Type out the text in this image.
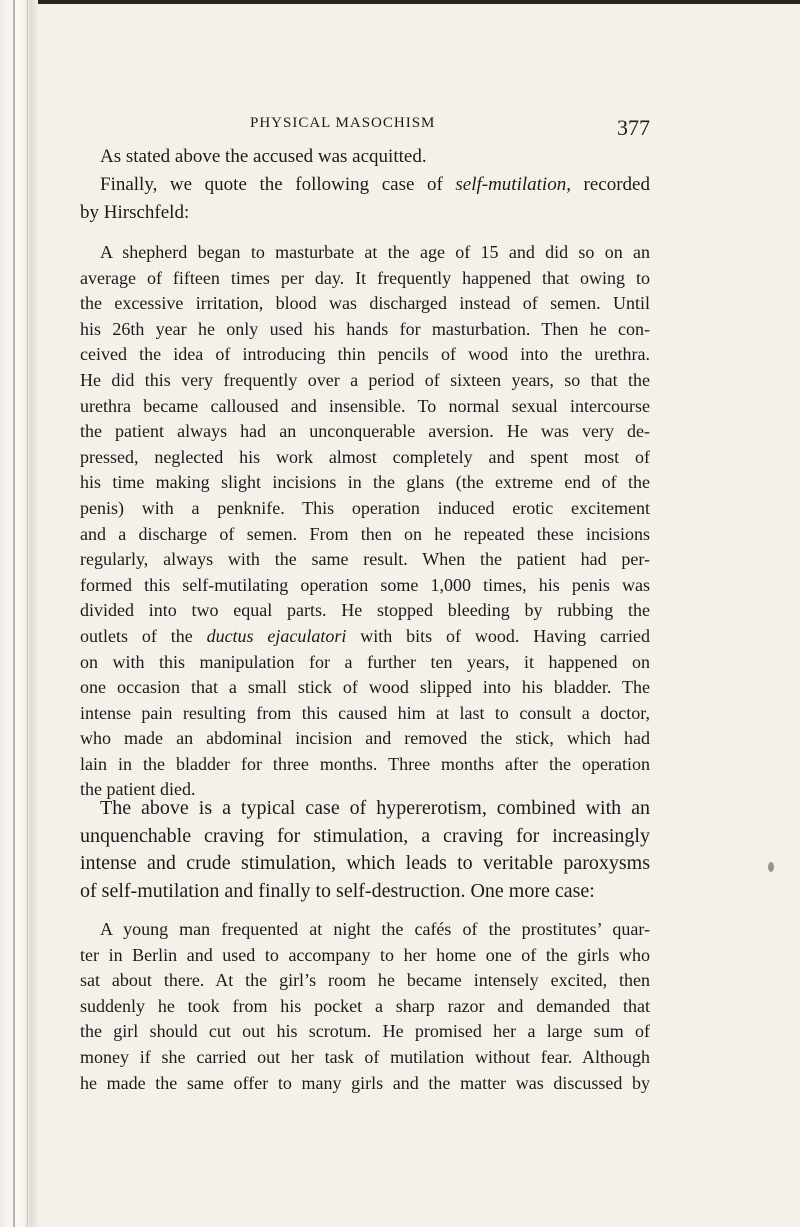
PHYSICAL MASOCHISM	377
As stated above the accused was acquitted.
Finally, we quote the following case of self-mutilation, recorded
by Hirschfeld:
A shepherd began to masturbate at the age of 15 and did so on an
average of fifteen times per day. It frequently happened that owing to
the excessive irritation, blood was discharged instead of semen. Until
his 26th year he only used his hands for masturbation. Then he con-
ceived the idea of introducing thin pencils of wood into the urethra.
He did this very frequently over a period of sixteen years, so that the
urethra became calloused and insensible. To normal sexual intercourse
the patient always had an unconquerable aversion. He was very de-
pressed, neglected his work almost completely and spent most of
his time making slight incisions in the glans (the extreme end of the
penis) with a penknife. This operation induced erotic excitement
and a discharge of semen. From then on he repeated these incisions
regularly, always with the same result. When the patient had per-
formed this self-mutilating operation some 1,000 times, his penis was
divided into two equal parts. He stopped bleeding by rubbing the
outlets of the ductus ejaculatori with bits of wood. Having carried
on with this manipulation for a further ten years, it happened on
one occasion that a small stick of wood slipped into his bladder. The
intense pain resulting from this caused him at last to consult a doctor,
who made an abdominal incision and removed the stick, which had
lain in the bladder for three months. Three months after the operation
the patient died.
The above is a typical case of hypererotism, combined with an
unquenchable craving for stimulation, a craving for increasingly
intense and crude stimulation, which leads to veritable paroxysms
of self-mutilation and finally to self-destruction. One more case:
A young man frequented at night the cafés of the prostitutes’ quar-
ter in Berlin and used to accompany to her home one of the girls who
sat about there. At the girl’s room he became intensely excited, then
suddenly he took from his pocket a sharp razor and demanded that
the girl should cut out his scrotum. He promised her a large sum of
money if she carried out her task of mutilation without fear. Although
he made the same offer to many girls and the matter was discussed by
